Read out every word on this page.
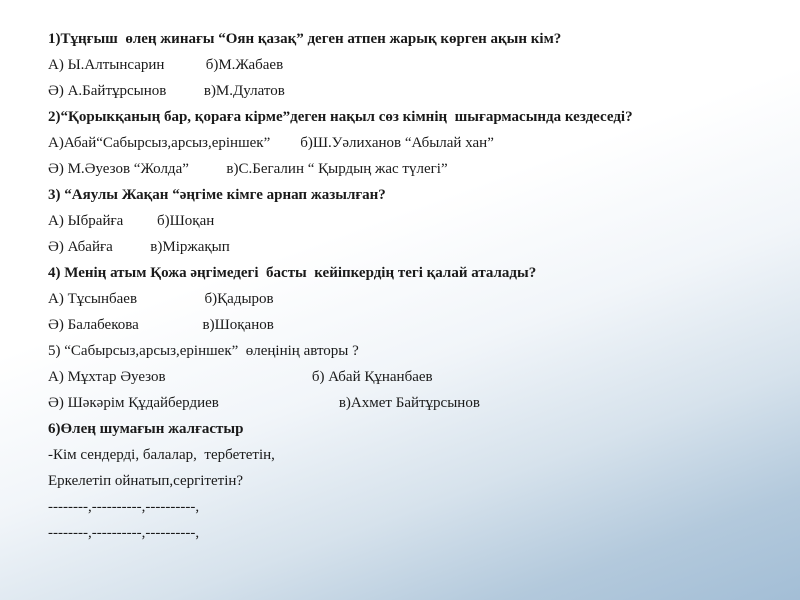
1)Тұңғыш  өлең жинағы “Оян қазақ” деген атпен жарық көрген ақын кім?
А) Ы.Алтынсарин           б)М.Жабаев
Ә) А.Байтұрсынов          в)М.Дулатов
2)“Қорыкқаның бар, қораға кірме”деген нақыл сөз кімнің  шығармасында кездеседі?
А)Абай“Сабырсыз,арсыз,еріншек”        б)Ш.Уәлиханов “Абылай хан”
Ә) М.Әуезов “Жолда”          в)С.Бегалин “ Қырдың жас түлегі”
3) “Аяулы Жақан “әңгіме кімге арнап жазылған?
А) Ыбрайға         б)Шоқан
Ә) Абайға          в)Міржақып
4) Менің атым Қожа әңгімедегі  басты  кейіпкердің тегі қалай аталады?
А) Тұсынбаев                  б)Қадыров
Ә) Балабекова                 в)Шоқанов
5) “Сабырсыз,арсыз,еріншек”  өлеңінің авторы ?
А) Мұхтар Әуезов                                       б) Абай Құнанбаев
Ә) Шәкәрім Құдайбердиев                                в)Ахмет Байтұрсынов
6)Өлең шумағын жалғастыр
-Кім сендерді, балалар,  тербететін,
Еркелетіп ойнатып,сергітетін?
--------,----------,----------,
--------,----------,----------,
